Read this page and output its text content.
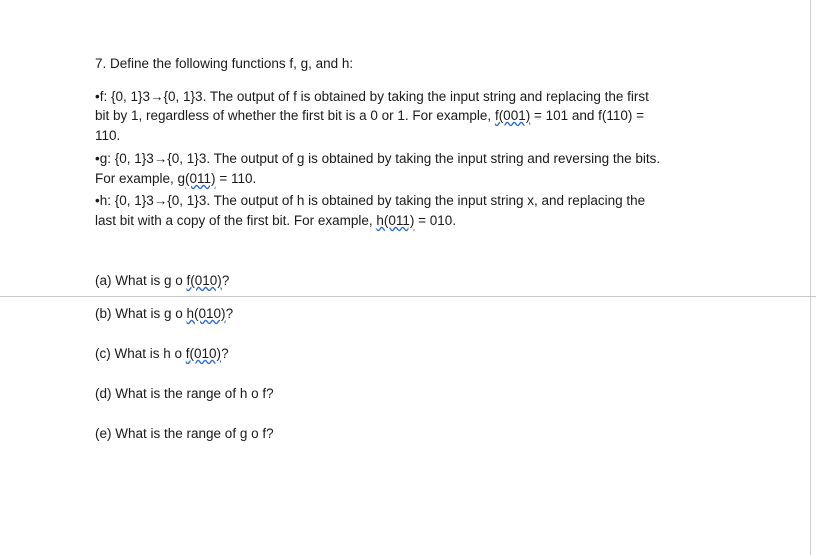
7. Define the following functions f, g, and h:
•f: {0, 1}3→{0, 1}3. The output of f is obtained by taking the input string and replacing the first
bit by 1, regardless of whether the first bit is a 0 or 1. For example, f(001) = 101 and f(110) =
110.
•g: {0, 1}3→{0, 1}3. The output of g is obtained by taking the input string and reversing the bits.
For example, g(011) = 110.
•h: {0, 1}3→{0, 1}3. The output of h is obtained by taking the input string x, and replacing the
last bit with a copy of the first bit. For example, h(011) = 010.
(a) What is g o f(010)?
(b) What is g o h(010)?
(c) What is h o f(010)?
(d) What is the range of h o f?
(e) What is the range of g o f?
